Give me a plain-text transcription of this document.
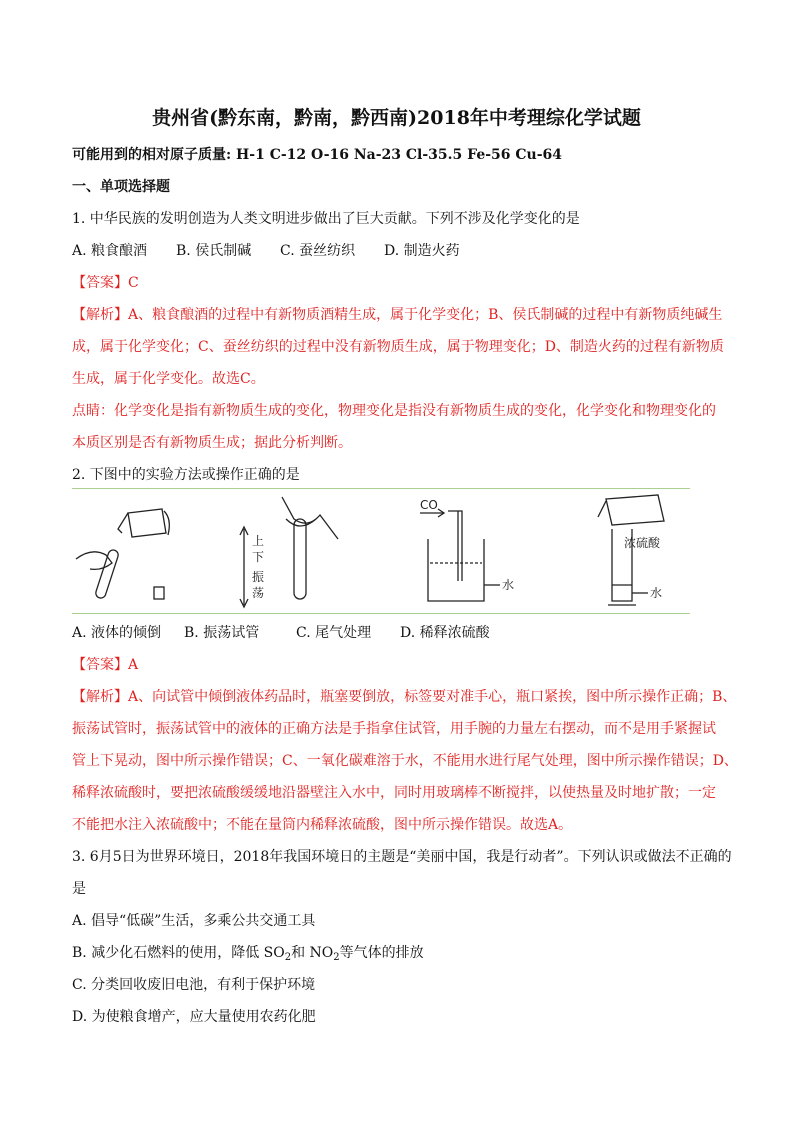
贵州省(黔东南，黔南，黔西南)2018年中考理综化学试题
可能用到的相对原子质量: H-1 C-12 O-16 Na-23 Cl-35.5 Fe-56 Cu-64
一、单项选择题
1. 中华民族的发明创造为人类文明进步做出了巨大贡献。下列不涉及化学变化的是
A. 粮食酿酒 B. 侯氏制碱 C. 蚕丝纺织 D. 制造火药
【答案】C
【解析】A、粮食酿酒的过程中有新物质酒精生成，属于化学变化；B、侯氏制碱的过程中有新物质纯碱生
成，属于化学变化；C、蚕丝纺织的过程中没有新物质生成，属于物理变化；D、制造火药的过程有新物质
生成，属于化学变化。故选C。
点睛：化学变化是指有新物质生成的变化，物理变化是指没有新物质生成的变化，化学变化和物理变化的
本质区别是否有新物质生成；据此分析判断。
2. 下图中的实验方法或操作正确的是
上
下
振
荡
CO
水
浓硫酸
水
A. 液体的倾倒 B. 振荡试管	C. 尾气处理 D. 稀释浓硫酸
【答案】A
【解析】A、向试管中倾倒液体药品时，瓶塞要倒放，标签要对准手心，瓶口紧挨，图中所示操作正确；B、
振荡试管时，振荡试管中的液体的正确方法是手指拿住试管，用手腕的力量左右摆动，而不是用手紧握试
管上下晃动，图中所示操作错误；C、一氧化碳难溶于水，不能用水进行尾气处理，图中所示操作错误；D、
稀释浓硫酸时，要把浓硫酸缓缓地沿器壁注入水中，同时用玻璃棒不断搅拌，以使热量及时地扩散；一定
不能把水注入浓硫酸中；不能在量筒内稀释浓硫酸，图中所示操作错误。故选A。
3. 6月5日为世界环境日，2018年我国环境日的主题是“美丽中国，我是行动者”。下列认识或做法不正确的
是
A. 倡导“低碳”生活，多乘公共交通工具
B. 减少化石燃料的使用，降低 $SO_2$和 $NO_2$等气体的排放
C. 分类回收废旧电池，有利于保护环境
D. 为使粮食增产，应大量使用农药化肥
